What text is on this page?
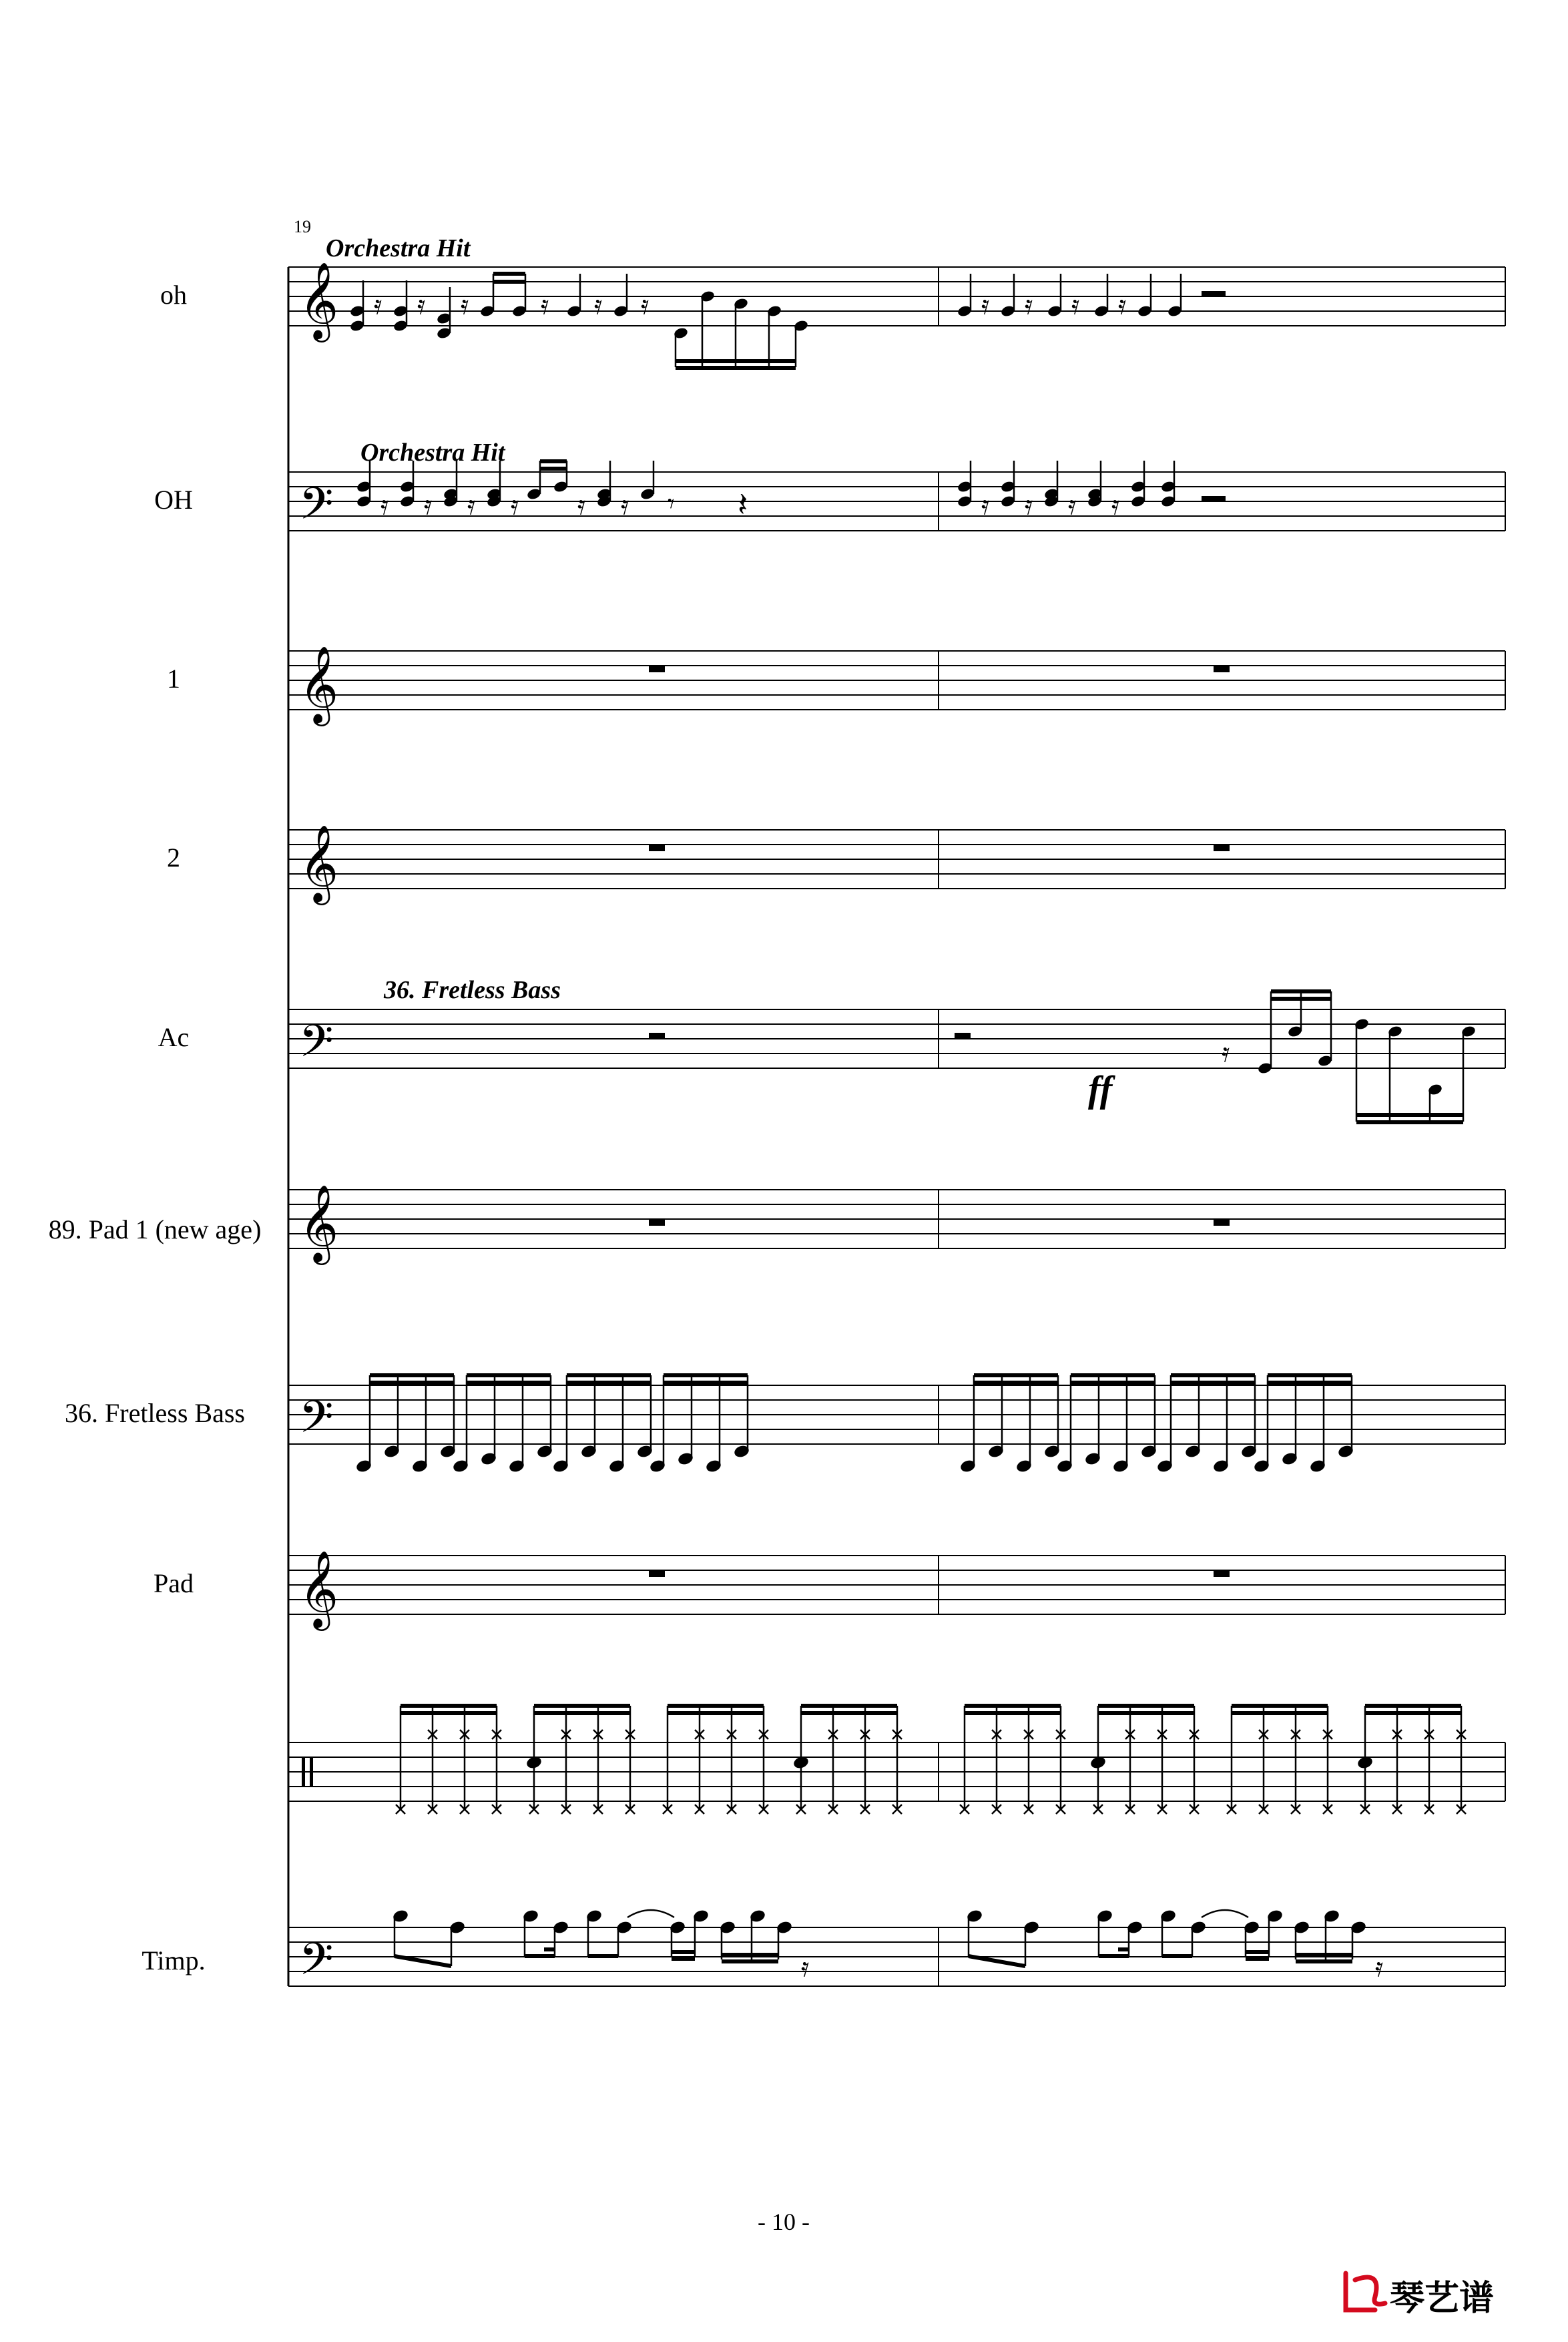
19
oh 𝄞
Orchestra Hit
𝄿 𝄿 𝄿	𝄿 𝄿 𝄿	𝄿 𝄿 𝄿 𝄿
OH 𝄢
Orchestra Hit
𝄿 𝄿 𝄿 𝄿 𝄿 𝄿 𝄾 𝄽	𝄿 𝄿 𝄿 𝄿
1 𝄞
2 𝄞
Ac 𝄢
36. Fretless Bass
ff
𝄿
89. Pad 1 (new age) 𝄞
36. Fretless Bass 𝄢
Pad 𝄞
Timp. 𝄢	𝄿	𝄿
- 10 -
琴艺谱
